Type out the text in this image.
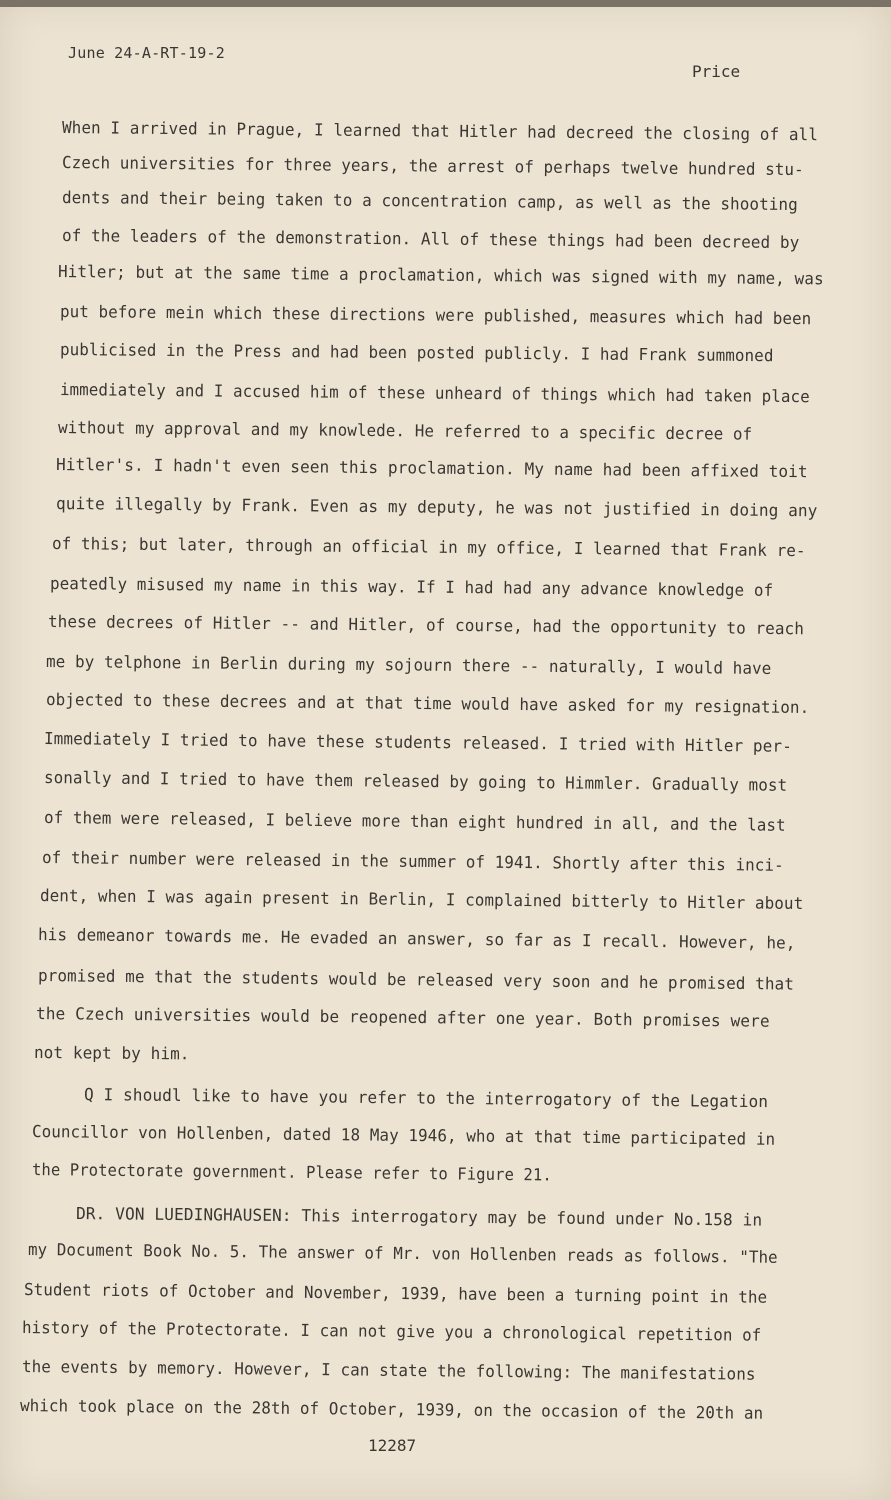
June 24-A-RT-19-2
Price
When I arrived in Prague, I learned that Hitler had decreed the closing of all
Czech universities for three years, the arrest of perhaps twelve hundred stu-
dents and their being taken to a concentration camp, as well as the shooting
of the leaders of the demonstration. All of these things had been decreed by
Hitler; but at the same time a proclamation, which was signed with my name, was
put before mein which these directions were published, measures which had been
publicised in the Press and had been posted publicly. I had Frank summoned
immediately and I accused him of these unheard of things which had taken place
without my approval and my knowlede. He referred to a specific decree of
Hitler's. I hadn't even seen this proclamation. My name had been affixed toit
quite illegally by Frank. Even as my deputy, he was not justified in doing any
of this; but later, through an official in my office, I learned that Frank re-
peatedly misused my name in this way. If I had had any advance knowledge of
these decrees of Hitler -- and Hitler, of course, had the opportunity to reach
me by telphone in Berlin during my sojourn there -- naturally, I would have
objected to these decrees and at that time would have asked for my resignation.
Immediately I tried to have these students released. I tried with Hitler per-
sonally and I tried to have them released by going to Himmler. Gradually most
of them were released, I believe more than eight hundred in all, and the last
of their number were released in the summer of 1941. Shortly after this inci-
dent, when I was again present in Berlin, I complained bitterly to Hitler about
his demeanor towards me. He evaded an answer, so far as I recall. However, he,
promised me that the students would be released very soon and he promised that
the Czech universities would be reopened after one year. Both promises were
not kept by him.
Q I shoudl like to have you refer to the interrogatory of the Legation
Councillor von Hollenben, dated 18 May 1946, who at that time participated in
the Protectorate government. Please refer to Figure 21.
DR. VON LUEDINGHAUSEN: This interrogatory may be found under No.158 in
my Document Book No. 5. The answer of Mr. von Hollenben reads as follows. "The
Student riots of October and November, 1939, have been a turning point in the
history of the Protectorate. I can not give you a chronological repetition of
the events by memory. However, I can state the following: The manifestations
which took place on the 28th of October, 1939, on the occasion of the 20th an
12287
